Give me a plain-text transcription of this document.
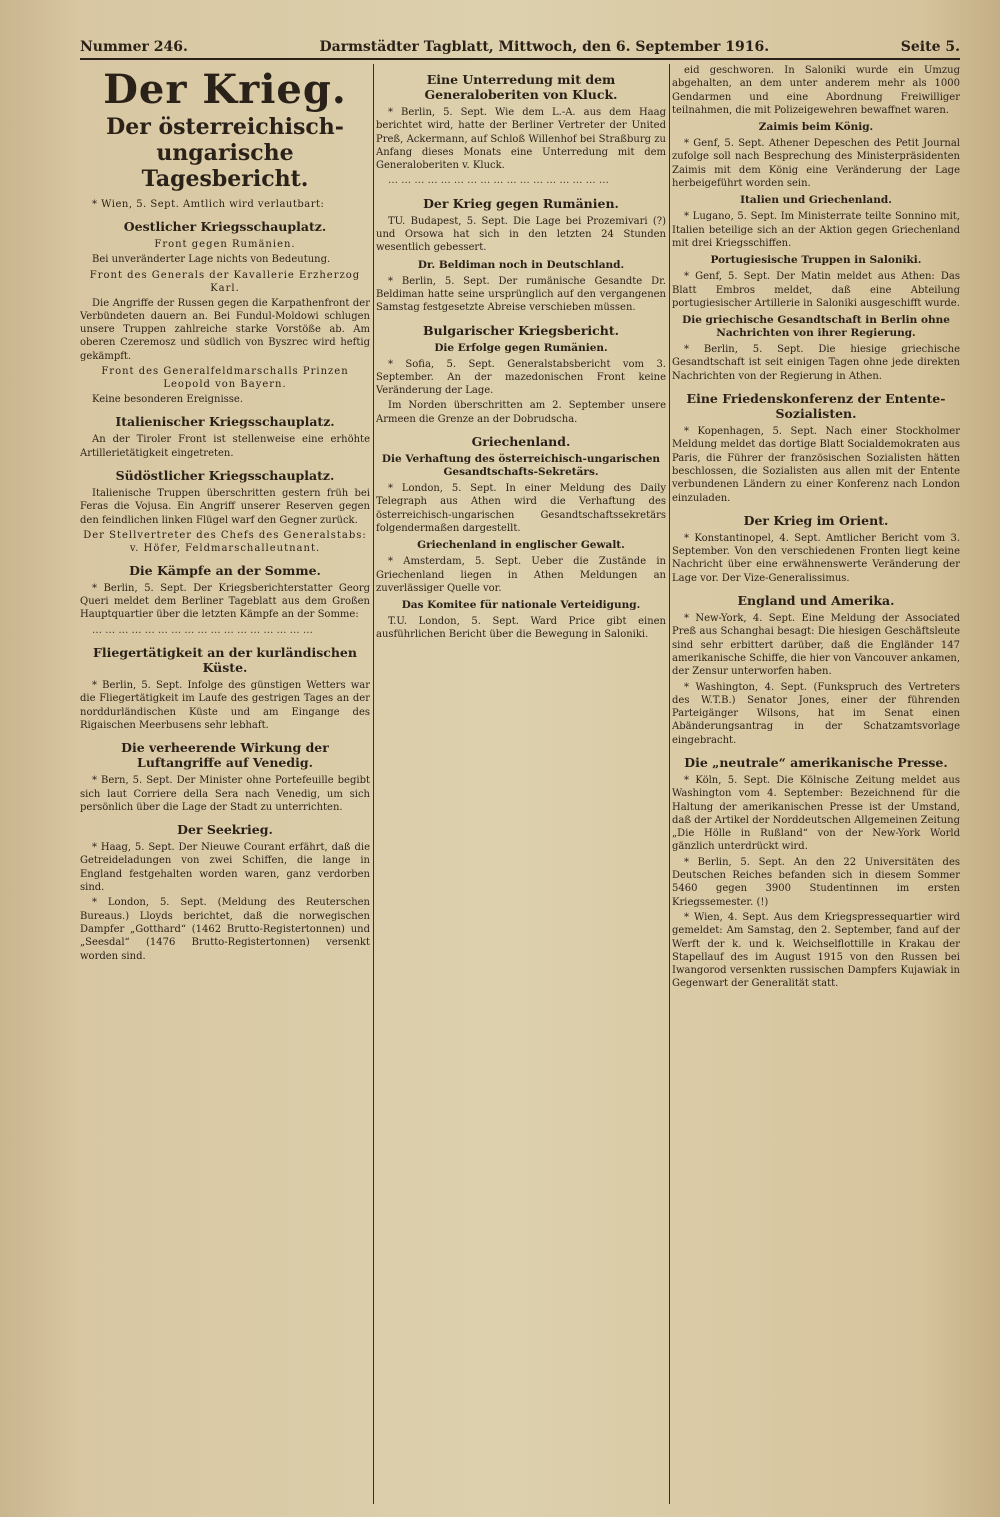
Nummer 246.	Darmstädter Tagblatt, Mittwoch, den 6. September 1916.	Seite 5.
Der Krieg.
Der österreichisch-ungarische Tagesbericht.

* Wien, 5. Sept. Amtlich wird verlautbart:

Oestlicher Kriegsschauplatz.
Front gegen Rumänien.

Bei unveränderter Lage nichts von Bedeutung.

Front des Generals der Kavallerie Erzherzog Karl.

Die Angriffe der Russen gegen die Karpathenfront der Verbündeten dauern an. Bei Fundul-Moldowi schlugen unsere Truppen zahlreiche starke Vorstöße ab. Am oberen Czeremosz und südlich von Byszrec wird heftig gekämpft.

Front des Generalfeldmarschalls Prinzen Leopold von Bayern.

Keine besonderen Ereignisse.

Italienischer Kriegsschauplatz.

An der Tiroler Front ist stellenweise eine erhöhte Artillerietätigkeit eingetreten.

Südöstlicher Kriegsschauplatz.

Italienische Truppen überschritten gestern früh bei Feras die Vojusa. Ein Angriff unserer Reserven gegen den feindlichen linken Flügel warf den Gegner zurück.

Der Stellvertreter des Chefs des Generalstabs: v. Höfer, Feldmarschalleutnant.
Die Kämpfe an der Somme.

* Berlin, 5. Sept. Der Kriegsberichterstatter Georg Queri meldet dem Berliner Tageblatt aus dem Großen Hauptquartier über die letzten Kämpfe an der Somme:

… … … … … … … … … … … … … … … … …

Fliegertätigkeit an der kurländischen Küste.

* Berlin, 5. Sept. Infolge des günstigen Wetters war die Fliegertätigkeit im Laufe des gestrigen Tages an der norddurländischen Küste und am Eingange des Rigaischen Meerbusens sehr lebhaft.

Die verheerende Wirkung der Luftangriffe auf Venedig.

* Bern, 5. Sept. Der Minister ohne Portefeuille begibt sich laut Corriere della Sera nach Venedig, um sich persönlich über die Lage der Stadt zu unterrichten.

Der Seekrieg.

* Haag, 5. Sept. Der Nieuwe Courant erfährt, daß die Getreideladungen von zwei Schiffen, die lange in England festgehalten worden waren, ganz verdorben sind.

* London, 5. Sept. (Meldung des Reuterschen Bureaus.) Lloyds berichtet, daß die norwegischen Dampfer „Gotthard“ (1462 Brutto-Registertonnen) und „Seesdal“ (1476 Brutto-Registertonnen) versenkt worden sind.

Eine Unterredung mit dem Generaloberiten von Kluck.

* Berlin, 5. Sept. Wie dem L.-A. aus dem Haag berichtet wird, hatte der Berliner Vertreter der United Preß, Ackermann, auf Schloß Willenhof bei Straßburg zu Anfang dieses Monats eine Unterredung mit dem Generaloberiten v. Kluck.

… … … … … … … … … … … … … … … … …

Der Krieg gegen Rumänien.

TU. Budapest, 5. Sept. Die Lage bei Prozemivari (?) und Orsowa hat sich in den letzten 24 Stunden wesentlich gebessert.

Dr. Beldiman noch in Deutschland.

* Berlin, 5. Sept. Der rumänische Gesandte Dr. Beldiman hatte seine ursprünglich auf den vergangenen Samstag festgesetzte Abreise verschieben müssen.

Bulgarischer Kriegsbericht.
Die Erfolge gegen Rumänien.

* Sofia, 5. Sept. Generalstabsbericht vom 3. September. An der mazedonischen Front keine Veränderung der Lage.

Im Norden überschritten am 2. September unsere Armeen die Grenze an der Dobrudscha.

Griechenland.
Die Verhaftung des österreichisch-ungarischen Gesandtschafts-Sekretärs.

* London, 5. Sept. In einer Meldung des Daily Telegraph aus Athen wird die Verhaftung des österreichisch-ungarischen Gesandtschaftssekretärs folgendermaßen dargestellt.

Griechenland in englischer Gewalt.

* Amsterdam, 5. Sept. Ueber die Zustände in Griechenland liegen in Athen Meldungen an zuverlässiger Quelle vor.

Das Komitee für nationale Verteidigung.

T.U. London, 5. Sept. Ward Price gibt einen ausführlichen Bericht über die Bewegung in Saloniki.

eid geschworen. In Saloniki wurde ein Umzug abgehalten, an dem unter anderem mehr als 1000 Gendarmen und eine Abordnung Freiwilliger teilnahmen, die mit Polizeigewehren bewaffnet waren.

Zaimis beim König.

* Genf, 5. Sept. Athener Depeschen des Petit Journal zufolge soll nach Besprechung des Ministerpräsidenten Zaimis mit dem König eine Veränderung der Lage herbeigeführt worden sein.

Italien und Griechenland.

* Lugano, 5. Sept. Im Ministerrate teilte Sonnino mit, Italien beteilige sich an der Aktion gegen Griechenland mit drei Kriegsschiffen.

Portugiesische Truppen in Saloniki.

* Genf, 5. Sept. Der Matin meldet aus Athen: Das Blatt Embros meldet, daß eine Abteilung portugiesischer Artillerie in Saloniki ausgeschifft wurde.

Die griechische Gesandtschaft in Berlin ohne Nachrichten von ihrer Regierung.

* Berlin, 5. Sept. Die hiesige griechische Gesandtschaft ist seit einigen Tagen ohne jede direkten Nachrichten von der Regierung in Athen.

Eine Friedenskonferenz der Entente-Sozialisten.

* Kopenhagen, 5. Sept. Nach einer Stockholmer Meldung meldet das dortige Blatt Socialdemokraten aus Paris, die Führer der französischen Sozialisten hätten beschlossen, die Sozialisten aus allen mit der Entente verbundenen Ländern zu einer Konferenz nach London einzuladen.

Der Krieg im Orient.

* Konstantinopel, 4. Sept. Amtlicher Bericht vom 3. September. Von den verschiedenen Fronten liegt keine Nachricht über eine erwähnenswerte Veränderung der Lage vor. Der Vize-Generalissimus.

England und Amerika.

* New-York, 4. Sept. Eine Meldung der Associated Preß aus Schanghai besagt: Die hiesigen Geschäftsleute sind sehr erbittert darüber, daß die Engländer 147 amerikanische Schiffe, die hier von Vancouver ankamen, der Zensur unterworfen haben.

* Washington, 4. Sept. (Funkspruch des Vertreters des W.T.B.) Senator Jones, einer der führenden Parteigänger Wilsons, hat im Senat einen Abänderungsantrag in der Schatzamtsvorlage eingebracht.

Die „neutrale“ amerikanische Presse.

* Köln, 5. Sept. Die Kölnische Zeitung meldet aus Washington vom 4. September: Bezeichnend für die Haltung der amerikanischen Presse ist der Umstand, daß der Artikel der Norddeutschen Allgemeinen Zeitung „Die Hölle in Rußland“ von der New-York World gänzlich unterdrückt wird.

* Berlin, 5. Sept. An den 22 Universitäten des Deutschen Reiches befanden sich in diesem Sommer 5460 gegen 3900 Studentinnen im ersten Kriegssemester. (!)

* Wien, 4. Sept. Aus dem Kriegspressequartier wird gemeldet: Am Samstag, den 2. September, fand auf der Werft der k. und k. Weichselflottille in Krakau der Stapellauf des im August 1915 von den Russen bei Iwangorod versenkten russischen Dampfers Kujawiak in Gegenwart der Generalität statt.
